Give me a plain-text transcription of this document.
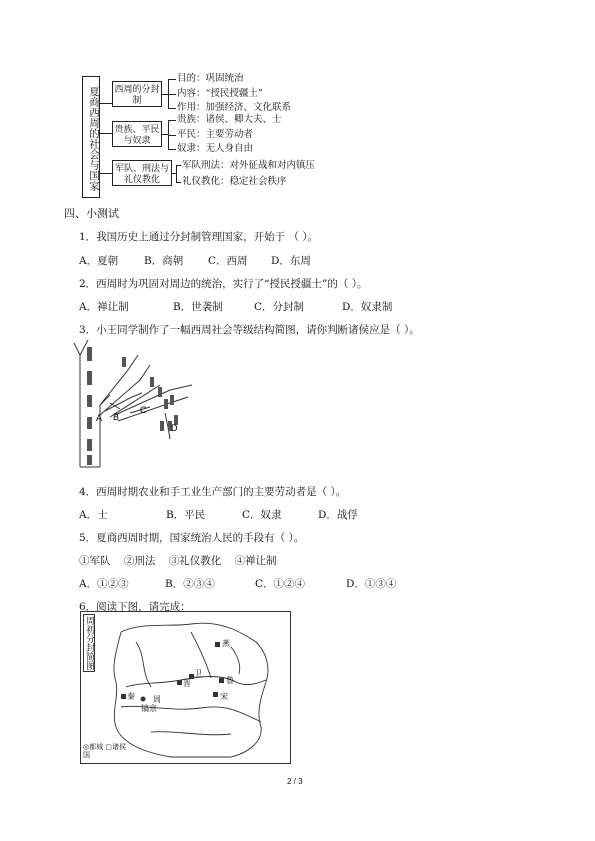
夏商西周的社会与国家 西周的分封制
贵族、平民与奴隶
军队、刑法与礼仪教化
目的：巩固统治
内容：“授民授疆土”
作用：加强经济、文化联系
贵族：诸侯、卿大夫、士
平民：主要劳动者
奴隶：无人身自由
军队刑法：对外征战和对内镇压
礼仪教化：稳定社会秩序
四、小测试
1．我国历史上通过分封制管理国家，开始于 （ ）。
A．夏朝 B．商朝 C．西周 D．东周
2．西周时为巩固对周边的统治，实行了“授民授疆土”的（ ）。
A．禅让制	B．世袭制	C．分封制	D．奴隶制
3．小王同学制作了一幅西周社会等级结构简图，请你判断诸侯应是（ ）。
A B
C
D
4．西周时期农业和手工业生产部门的主要劳动者是（ ）。
A．士	B．平民	C．奴隶	D．战俘
5．夏商西周时期，国家统治人民的手段有（ ）。
①军队    ②刑法    ③礼仪教化    ④禅让制
A．①②③	B．②③④	C．①②④	D．①③④
6．阅读下图，请完成：
周初分封简图	燕
卫
晋	鲁
宋
周
镐京
秦
◎都城 ▢诸侯国
2 / 3
